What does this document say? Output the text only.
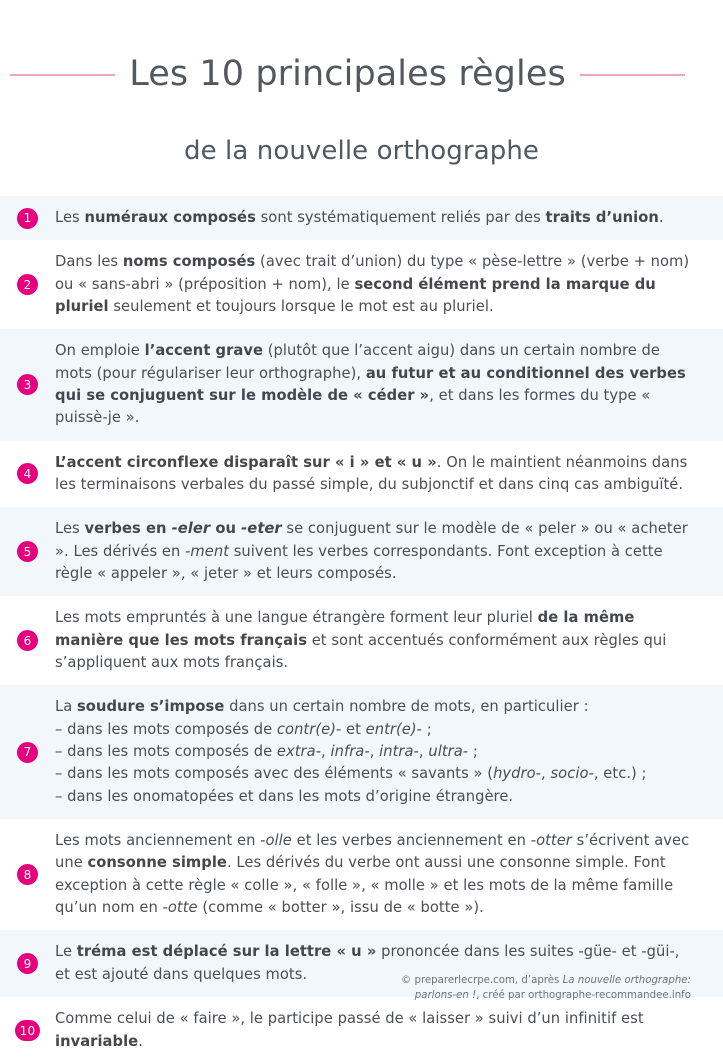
Les 10 principales règles
de la nouvelle orthographe
1	Les numéraux composés sont systématiquement reliés par des traits d’union.
2
Dans les noms composés (avec trait d’union) du type « pèse-lettre » (verbe + nom) ou « sans-abri » (préposition + nom), le second élément prend la marque du pluriel seulement et toujours lorsque le mot est au pluriel.
3
On emploie l’accent grave (plutôt que l’accent aigu) dans un certain nombre de mots (pour régulariser leur orthographe), au futur et au conditionnel des verbes qui se conjuguent sur le modèle de « céder », et dans les formes du type « puissè-je ».
4
L’accent circonflexe disparaît sur « i » et « u ». On le maintient néanmoins dans les terminaisons verbales du passé simple, du subjonctif et dans cinq cas ambiguïté.
5
Les verbes en -eler ou -eter se conjuguent sur le modèle de « peler » ou « acheter ». Les dérivés en -ment suivent les verbes correspondants. Font exception à cette règle « appeler », « jeter » et leurs composés.
6
Les mots empruntés à une langue étrangère forment leur pluriel de la même manière que les mots français et sont accentués conformément aux règles qui s’appliquent aux mots français.
7
La soudure s’impose dans un certain nombre de mots, en particulier :
– dans les mots composés de contr(e)- et entr(e)- ;
– dans les mots composés de extra-, infra-, intra-, ultra- ;
– dans les mots composés avec des éléments « savants » (hydro-, socio-, etc.) ;
– dans les onomatopées et dans les mots d’origine étrangère.
8
Les mots anciennement en -olle et les verbes anciennement en -otter s’écrivent avec une consonne simple. Les dérivés du verbe ont aussi une consonne simple. Font exception à cette règle « colle », « folle », « molle » et les mots de la même famille qu’un nom en -otte (comme « botter », issu de « botte »).
9
Le tréma est déplacé sur la lettre « u » prononcée dans les suites -güe- et -güi-, et est ajouté dans quelques mots.
10
Comme celui de « faire », le participe passé de « laisser » suivi d’un infinitif est invariable.
© preparerlecrpe.com, d’après La nouvelle orthographe: parlons-en !, créé par orthographe-recommandee.info
